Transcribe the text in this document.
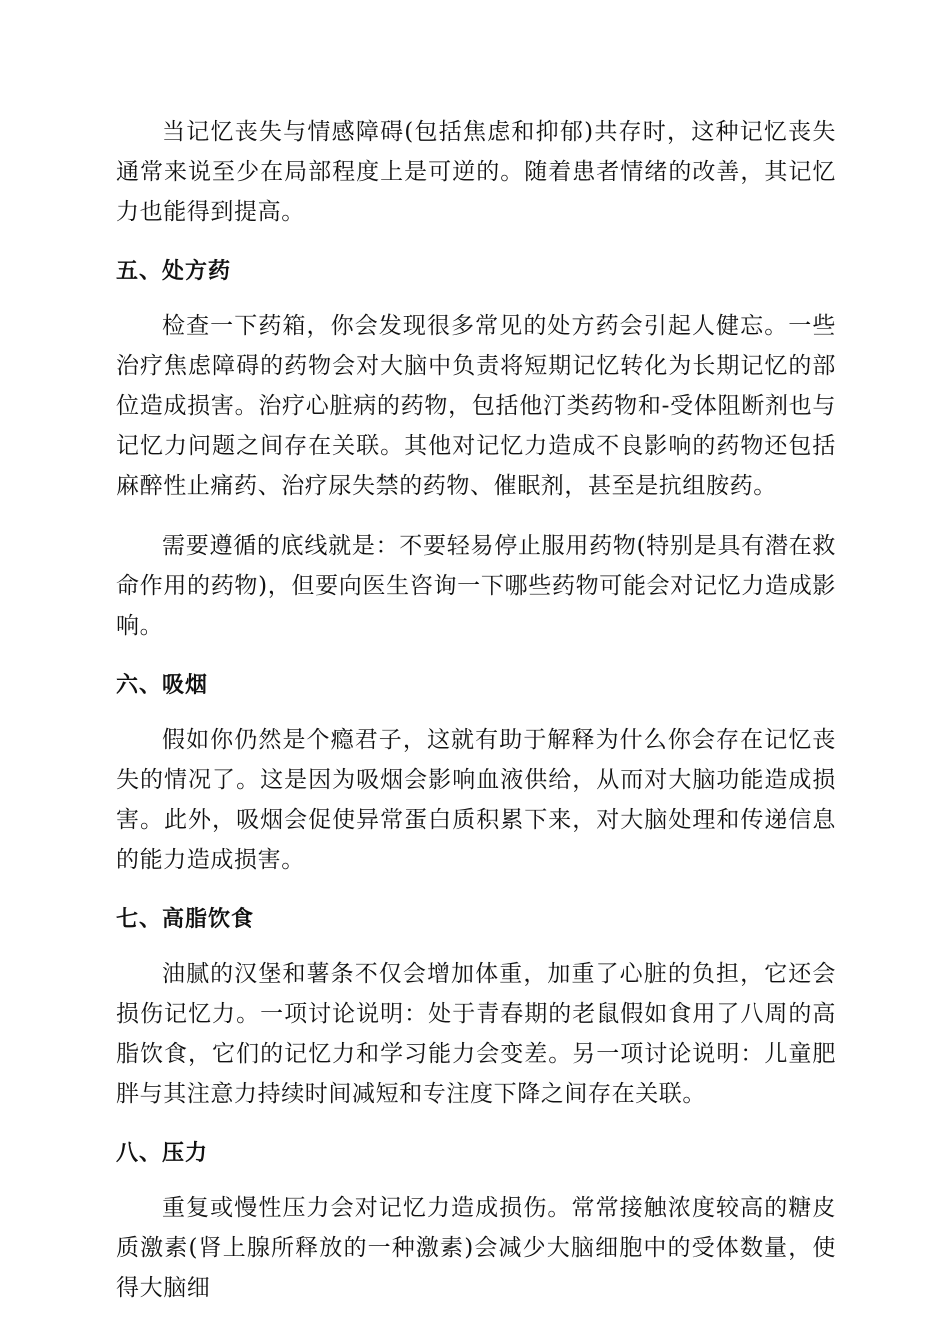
当记忆丧失与情感障碍(包括焦虑和抑郁)共存时，这种记忆丧失通常来说至少在局部程度上是可逆的。随着患者情绪的改善，其记忆力也能得到提高。

五、处方药

检查一下药箱，你会发现很多常见的处方药会引起人健忘。一些治疗焦虑障碍的药物会对大脑中负责将短期记忆转化为长期记忆的部位造成损害。治疗心脏病的药物，包括他汀类药物和-受体阻断剂也与记忆力问题之间存在关联。其他对记忆力造成不良影响的药物还包括麻醉性止痛药、治疗尿失禁的药物、催眠剂，甚至是抗组胺药。

需要遵循的底线就是：不要轻易停止服用药物(特别是具有潜在救命作用的药物)，但要向医生咨询一下哪些药物可能会对记忆力造成影响。

六、吸烟

假如你仍然是个瘾君子，这就有助于解释为什么你会存在记忆丧失的情况了。这是因为吸烟会影响血液供给，从而对大脑功能造成损害。此外，吸烟会促使异常蛋白质积累下来，对大脑处理和传递信息的能力造成损害。

七、高脂饮食

油腻的汉堡和薯条不仅会增加体重，加重了心脏的负担，它还会损伤记忆力。一项讨论说明：处于青春期的老鼠假如食用了八周的高脂饮食，它们的记忆力和学习能力会变差。另一项讨论说明：儿童肥胖与其注意力持续时间减短和专注度下降之间存在关联。

八、压力

重复或慢性压力会对记忆力造成损伤。常常接触浓度较高的糖皮质激素(肾上腺所释放的一种激素)会减少大脑细胞中的受体数量，使得大脑细
